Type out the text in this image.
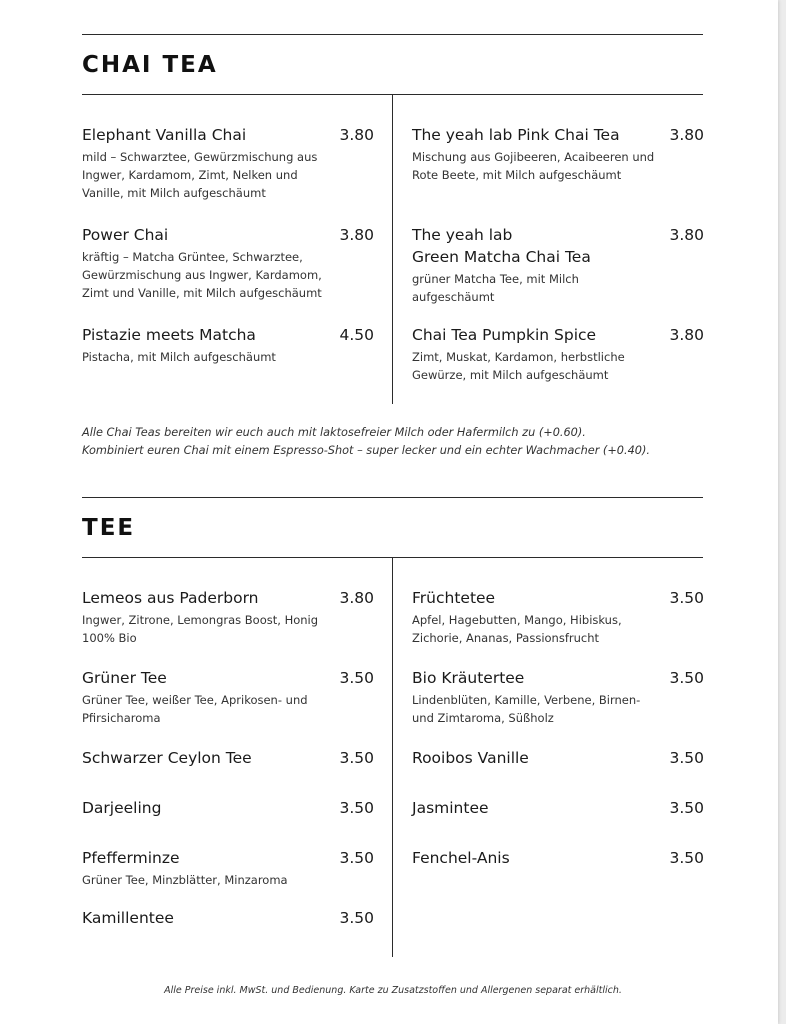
CHAI TEA
Elephant Vanilla Chai	3.80
mild – Schwarztee, Gewürzmischung aus Ingwer, Kardamom, Zimt, Nelken und Vanille, mit Milch aufgeschäumt
Power Chai	3.80
kräftig – Matcha Grüntee, Schwarztee, Gewürzmischung aus Ingwer, Kardamom, Zimt und Vanille, mit Milch aufgeschäumt
Pistazie meets Matcha	4.50
Pistacha, mit Milch aufgeschäumt
The yeah lab Pink Chai Tea	3.80
Mischung aus Gojibeeren, Acaibeeren und Rote Beete, mit Milch aufgeschäumt
The yeah lab
Green Matcha Chai Tea
3.80
grüner Matcha Tee, mit Milch aufgeschäumt
Chai Tea Pumpkin Spice	3.80
Zimt, Muskat, Kardamon, herbstliche Gewürze, mit Milch aufgeschäumt

Alle Chai Teas bereiten wir euch auch mit laktosefreier Milch oder Hafermilch zu (+0.60).
Kombiniert euren Chai mit einem Espresso-Shot – super lecker und ein echter Wachmacher (+0.40).

TEE
Lemeos aus Paderborn	3.80
Ingwer, Zitrone, Lemongras Boost, Honig 100% Bio
Grüner Tee	3.50
Grüner Tee, weißer Tee, Aprikosen- und Pfirsicharoma
Schwarzer Ceylon Tee	3.50
Darjeeling	3.50
Pfefferminze	3.50
Grüner Tee, Minzblätter, Minzaroma
Kamillentee	3.50
Früchtetee	3.50
Apfel, Hagebutten, Mango, Hibiskus, Zichorie, Ananas, Passionsfrucht
Bio Kräutertee	3.50
Lindenblüten, Kamille, Verbene, Birnen- und Zimtaroma, Süßholz
Rooibos Vanille	3.50
Jasmintee	3.50
Fenchel-Anis	3.50

Alle Preise inkl. MwSt. und Bedienung. Karte zu Zusatzstoffen und Allergenen separat erhältlich.
